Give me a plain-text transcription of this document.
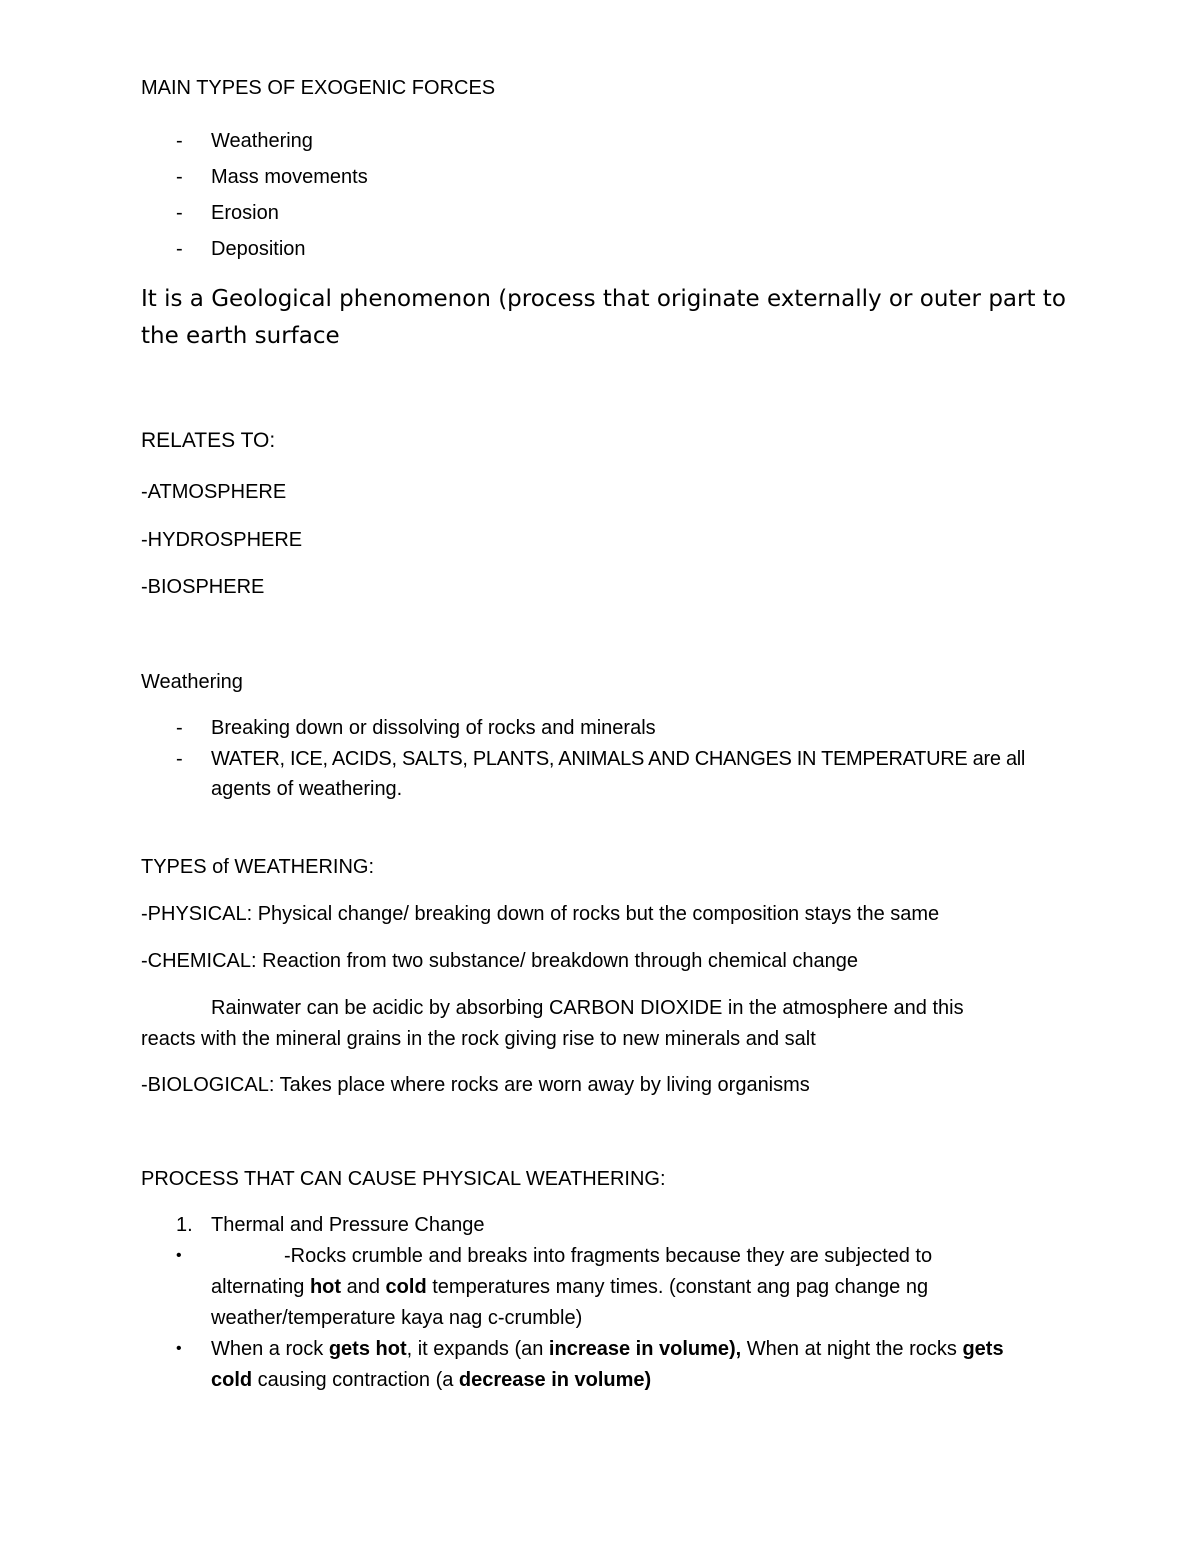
MAIN TYPES OF EXOGENIC FORCES
- Weathering
- Mass movements
- Erosion
- Deposition
It is a Geological phenomenon (process that originate externally or outer part to
the earth surface
RELATES TO:
-ATMOSPHERE
-HYDROSPHERE
-BIOSPHERE
Weathering
- Breaking down or dissolving of rocks and minerals
- WATER, ICE, ACIDS, SALTS, PLANTS, ANIMALS AND CHANGES IN TEMPERATURE are all
agents of weathering.
TYPES of WEATHERING:
-PHYSICAL: Physical change/ breaking down of rocks but the composition stays the same
-CHEMICAL: Reaction from two substance/ breakdown through chemical change
Rainwater can be acidic by absorbing CARBON DIOXIDE in the atmosphere and this
reacts with the mineral grains in the rock giving rise to new minerals and salt
-BIOLOGICAL: Takes place where rocks are worn away by living organisms
PROCESS THAT CAN CAUSE PHYSICAL WEATHERING:
1. Thermal and Pressure Change
•	-Rocks crumble and breaks into fragments because they are subjected to
alternating hot and cold temperatures many times. (constant ang pag change ng
weather/temperature kaya nag c-crumble)
• When a rock gets hot, it expands (an increase in volume), When at night the rocks gets
cold causing contraction (a decrease in volume)
